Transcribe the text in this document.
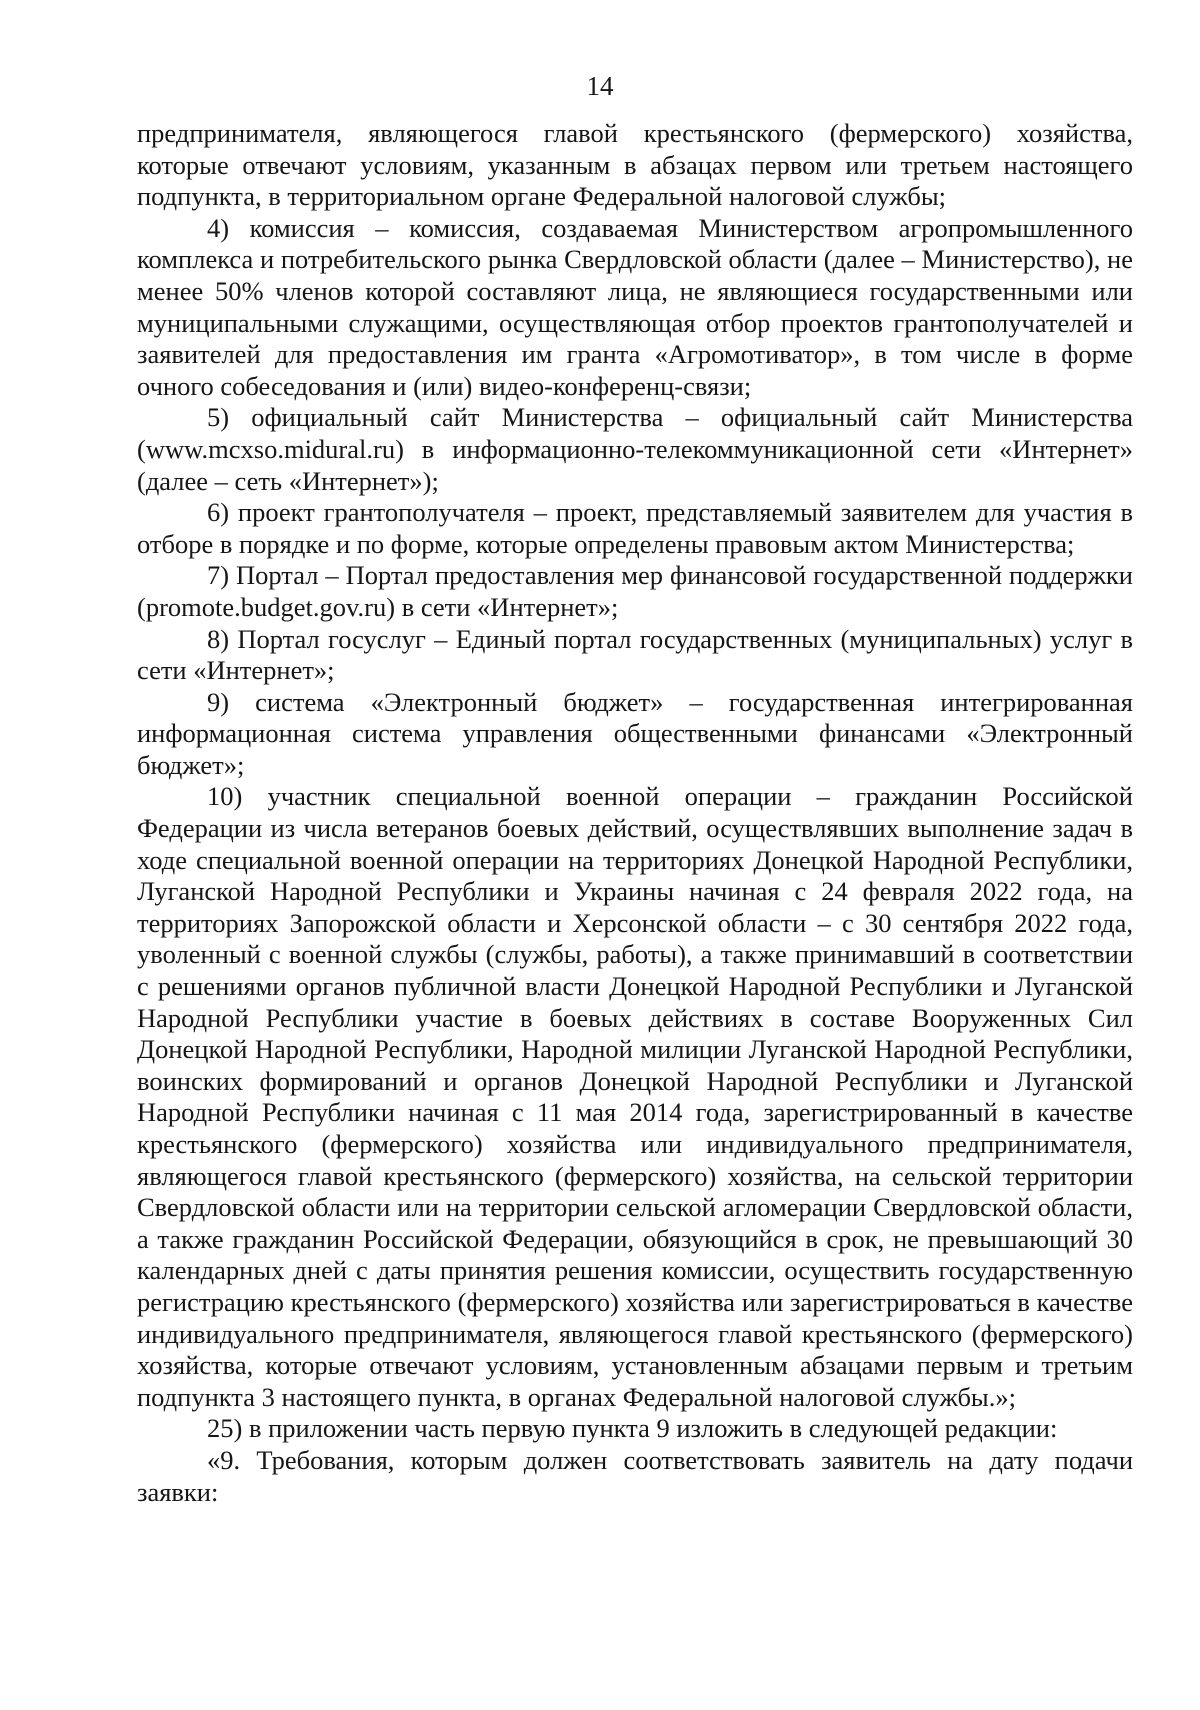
14

предпринимателя, являющегося главой крестьянского (фермерского) хозяйства, которые отвечают условиям, указанным в абзацах первом или третьем настоящего подпункта, в территориальном органе Федеральной налоговой службы;

4) комиссия – комиссия, создаваемая Министерством агропромышленного комплекса и потребительского рынка Свердловской области (далее – Министерство), не менее 50% членов которой составляют лица, не являющиеся государственными или муниципальными служащими, осуществляющая отбор проектов грантополучателей и заявителей для предоставления им гранта «Агромотиватор», в том числе в форме очного собеседования и (или) видео-конференц-связи;

5) официальный сайт Министерства – официальный сайт Министерства (www.mcxso.midural.ru) в информационно-телекоммуникационной сети «Интернет» (далее – сеть «Интернет»);

6) проект грантополучателя – проект, представляемый заявителем для участия в отборе в порядке и по форме, которые определены правовым актом Министерства;

7) Портал – Портал предоставления мер финансовой государственной поддержки (promote.budget.gov.ru) в сети «Интернет»;

8) Портал госуслуг – Единый портал государственных (муниципальных) услуг в сети «Интернет»;

9) система «Электронный бюджет» – государственная интегрированная информационная система управления общественными финансами «Электронный бюджет»;

10) участник специальной военной операции – гражданин Российской Федерации из числа ветеранов боевых действий, осуществлявших выполнение задач в ходе специальной военной операции на территориях Донецкой Народной Республики, Луганской Народной Республики и Украины начиная с 24 февраля 2022 года, на территориях Запорожской области и Херсонской области – с 30 сентября 2022 года, уволенный с военной службы (службы, работы), а также принимавший в соответствии с решениями органов публичной власти Донецкой Народной Республики и Луганской Народной Республики участие в боевых действиях в составе Вооруженных Сил Донецкой Народной Республики, Народной милиции Луганской Народной Республики, воинских формирований и органов Донецкой Народной Республики и Луганской Народной Республики начиная с 11 мая 2014 года, зарегистрированный в качестве крестьянского (фермерского) хозяйства или индивидуального предпринимателя, являющегося главой крестьянского (фермерского) хозяйства, на сельской территории Свердловской области или на территории сельской агломерации Свердловской области, а также гражданин Российской Федерации, обязующийся в срок, не превышающий 30 календарных дней с даты принятия решения комиссии, осуществить государственную регистрацию крестьянского (фермерского) хозяйства или зарегистрироваться в качестве индивидуального предпринимателя, являющегося главой крестьянского (фермерского) хозяйства, которые отвечают условиям, установленным абзацами первым и третьим подпункта 3 настоящего пункта, в органах Федеральной налоговой службы.»;

25) в приложении часть первую пункта 9 изложить в следующей редакции:

«9. Требования, которым должен соответствовать заявитель на дату подачи заявки:
